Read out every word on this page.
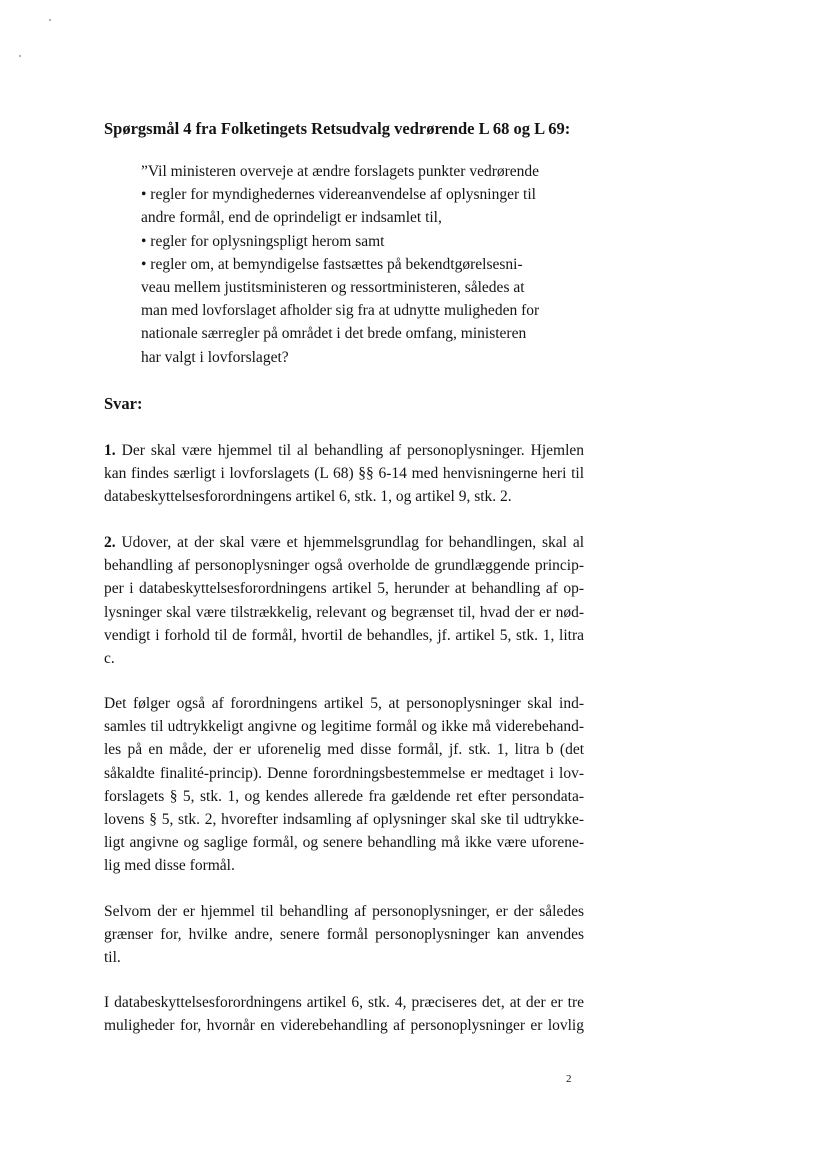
Spørgsmål 4 fra Folketingets Retsudvalg vedrørende L 68 og L 69:
”Vil ministeren overveje at ændre forslagets punkter vedrørende
• regler for myndighedernes videreanvendelse af oplysninger til
andre formål, end de oprindeligt er indsamlet til,
• regler for oplysningspligt herom samt
• regler om, at bemyndigelse fastsættes på bekendtgørelsesni-
veau mellem justitsministeren og ressortministeren, således at
man med lovforslaget afholder sig fra at udnytte muligheden for
nationale særregler på området i det brede omfang, ministeren
har valgt i lovforslaget?
Svar:
1. Der skal være hjemmel til al behandling af personoplysninger. Hjemlen
kan findes særligt i lovforslagets (L 68) §§ 6-14 med henvisningerne heri til
databeskyttelsesforordningens artikel 6, stk. 1, og artikel 9, stk. 2.
2. Udover, at der skal være et hjemmelsgrundlag for behandlingen, skal al
behandling af personoplysninger også overholde de grundlæggende princip-
per i databeskyttelsesforordningens artikel 5, herunder at behandling af op-
lysninger skal være tilstrækkelig, relevant og begrænset til, hvad der er nød-
vendigt i forhold til de formål, hvortil de behandles, jf. artikel 5, stk. 1, litra
c.
Det følger også af forordningens artikel 5, at personoplysninger skal ind-
samles til udtrykkeligt angivne og legitime formål og ikke må viderebehand-
les på en måde, der er uforenelig med disse formål, jf. stk. 1, litra b (det
såkaldte finalité-princip). Denne forordningsbestemmelse er medtaget i lov-
forslagets § 5, stk. 1, og kendes allerede fra gældende ret efter persondata-
lovens § 5, stk. 2, hvorefter indsamling af oplysninger skal ske til udtrykke-
ligt angivne og saglige formål, og senere behandling må ikke være uforene-
lig med disse formål.
Selvom der er hjemmel til behandling af personoplysninger, er der således
grænser for, hvilke andre, senere formål personoplysninger kan anvendes
til.
I databeskyttelsesforordningens artikel 6, stk. 4, præciseres det, at der er tre
muligheder for, hvornår en viderebehandling af personoplysninger er lovlig
2
